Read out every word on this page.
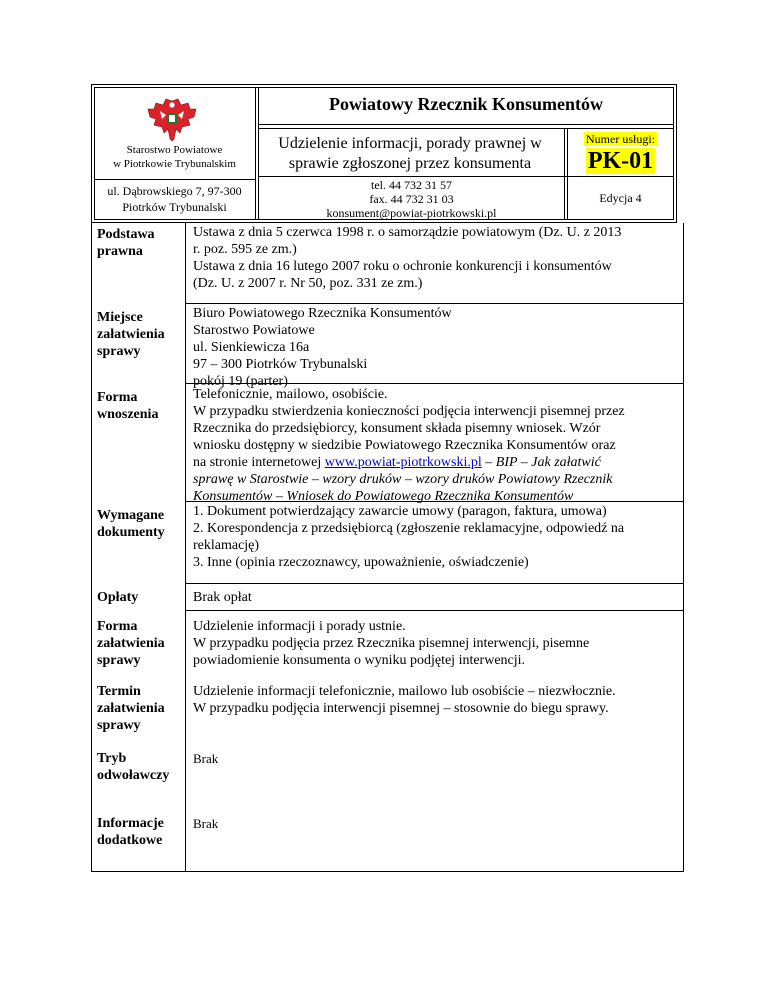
Starostwo Powiatowe
w Piotrkowie Trybunalskim
ul. Dąbrowskiego 7, 97-300
Piotrków Trybunalski
Powiatowy Rzecznik Konsumentów
Udzielenie informacji, porady prawnej w
sprawie zgłoszonej przez konsumenta
Numer usługi:
PK-01
tel. 44 732 31 57
fax. 44 732 31 03
konsument@powiat-piotrkowski.pl
Edycja 4
Podstawa
prawna
Ustawa z dnia 5 czerwca 1998 r. o samorządzie powiatowym (Dz. U. z 2013
r. poz. 595 ze zm.)
Ustawa z dnia 16 lutego 2007 roku o ochronie konkurencji i konsumentów
(Dz. U. z 2007 r. Nr 50, poz. 331 ze zm.)
Miejsce
załatwienia
sprawy
Biuro Powiatowego Rzecznika Konsumentów
Starostwo Powiatowe
ul. Sienkiewicza 16a
97 – 300 Piotrków Trybunalski
pokój 19 (parter)
Forma
wnoszenia
Telefonicznie, mailowo, osobiście.
W przypadku stwierdzenia konieczności podjęcia interwencji pisemnej przez
Rzecznika do przedsiębiorcy, konsument składa pisemny wniosek. Wzór
wniosku dostępny w siedzibie Powiatowego Rzecznika Konsumentów oraz
na stronie internetowej www.powiat-piotrkowski.pl – BIP – Jak załatwić
sprawę w Starostwie – wzory druków – wzory druków Powiatowy Rzecznik
Konsumentów – Wniosek do Powiatowego Rzecznika Konsumentów
Wymagane
dokumenty
1. Dokument potwierdzający zawarcie umowy (paragon, faktura, umowa)
2. Korespondencja z przedsiębiorcą (zgłoszenie reklamacyjne, odpowiedź na
reklamację)
3. Inne (opinia rzeczoznawcy, upoważnienie, oświadczenie)
Opłaty	Brak opłat
Forma
załatwienia
sprawy
Udzielenie informacji i porady ustnie.
W przypadku podjęcia przez Rzecznika pisemnej interwencji, pisemne
powiadomienie konsumenta o wyniku podjętej interwencji.
Termin
załatwienia
sprawy
Udzielenie informacji telefonicznie, mailowo lub osobiście – niezwłocznie.
W przypadku podjęcia interwencji pisemnej – stosownie do biegu sprawy.
Tryb
odwoławczy
Brak
Informacje
dodatkowe
Brak
